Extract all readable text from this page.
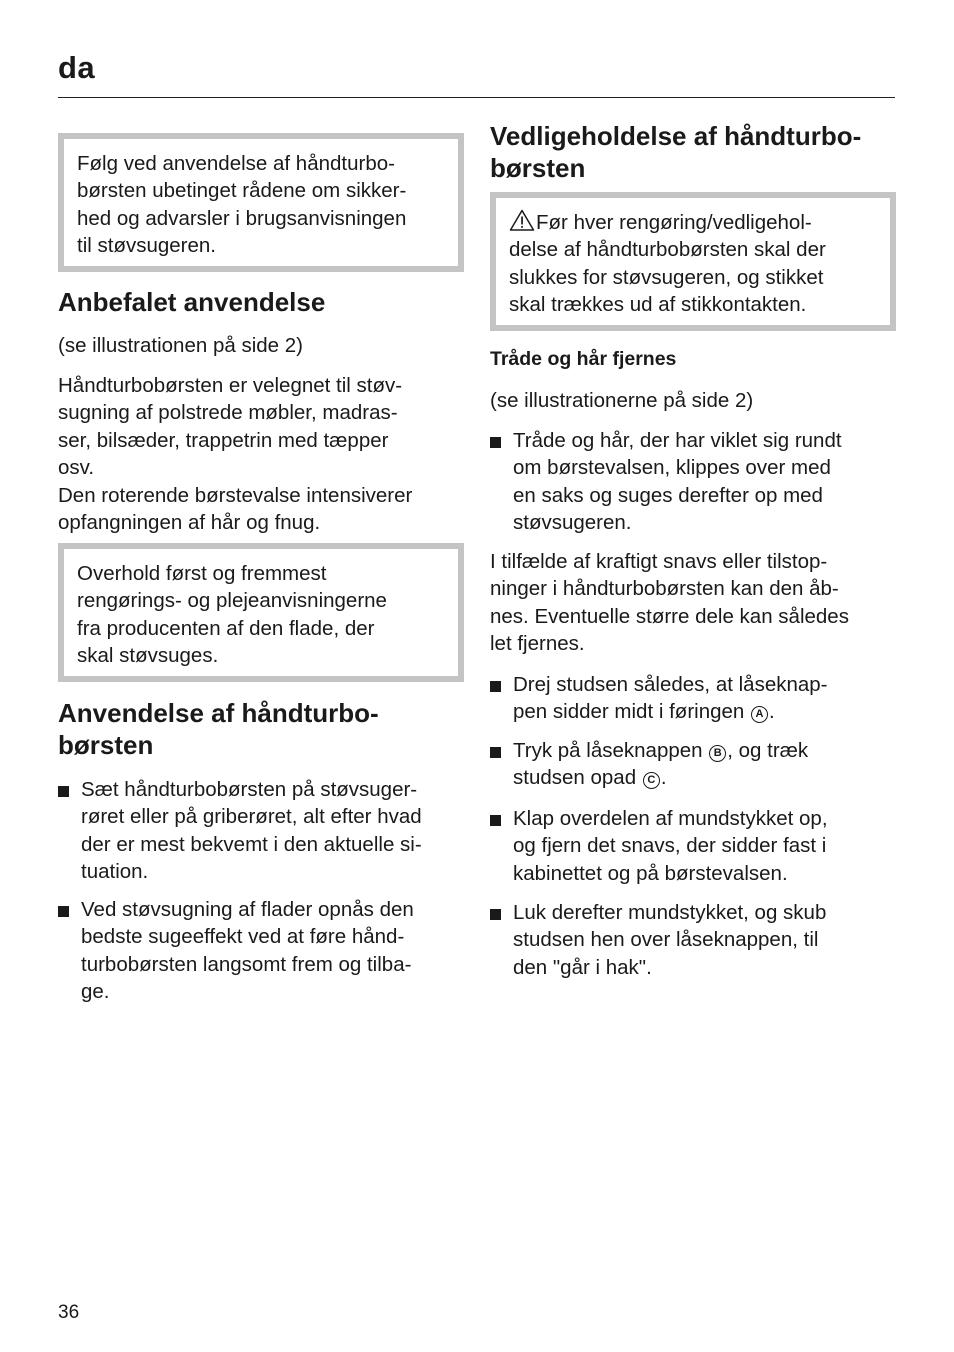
da
Følg ved anvendelse af håndturbo-
børsten ubetinget rådene om sikker-
hed og advarsler i brugsanvisningen
til støvsugeren.
Anbefalet anvendelse
(se illustrationen på side 2)
Håndturbobørsten er velegnet til støv-
sugning af polstrede møbler, madras-
ser, bilsæder, trappetrin med tæpper
osv.
Den roterende børstevalse intensiverer
opfangningen af hår og fnug.
Overhold først og fremmest
rengørings- og plejeanvisningerne
fra producenten af den flade, der
skal støvsuges.
Anvendelse af håndturbo-
børsten
Sæt håndturbobørsten på støvsuger-
røret eller på griberøret, alt efter hvad
der er mest bekvemt i den aktuelle si-
tuation.
Ved støvsugning af flader opnås den
bedste sugeeffekt ved at føre hånd-
turbobørsten langsomt frem og tilba-
ge.
Vedligeholdelse af håndturbo-
børsten
Før hver rengøring/vedligehol-
delse af håndturbobørsten skal der
slukkes for støvsugeren, og stikket
skal trækkes ud af stikkontakten.
Tråde og hår fjernes
(se illustrationerne på side 2)
Tråde og hår, der har viklet sig rundt
om børstevalsen, klippes over med
en saks og suges derefter op med
støvsugeren.
I tilfælde af kraftigt snavs eller tilstop-
ninger i håndturbobørsten kan den åb-
nes. Eventuelle større dele kan således
let fjernes.
Drej studsen således, at låseknap-
pen sidder midt i føringen A .
Tryk på låseknappen B , og træk
studsen opad C .
Klap overdelen af mundstykket op,
og fjern det snavs, der sidder fast i
kabinettet og på børstevalsen.
Luk derefter mundstykket, og skub
studsen hen over låseknappen, til
den "går i hak".
36
